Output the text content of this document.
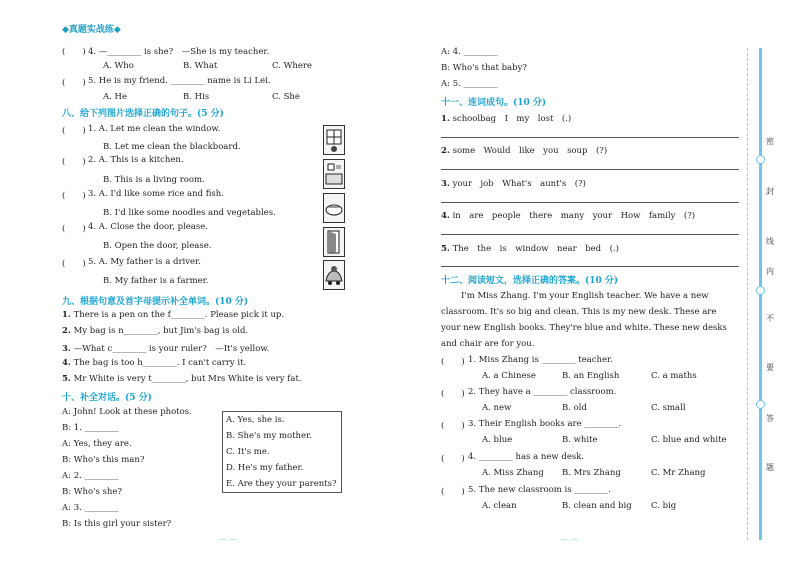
◆真题实战练◆
(　　) 4. —________ is she?　—She is my teacher.
A. Who	B. What	C. Where
(　　) 5. He is my friend. ________ name is Li Lei.
A. He	B. His	C. She
八、给下列图片选择正确的句子。(5 分)
(　　) 1. A. Let me clean the window.
B. Let me clean the blackboard.
(　　) 2. A. This is a kitchen.
B. This is a living room.
(　　) 3. A. I'd like some rice and fish.
B. I'd like some noodles and vegetables.
(　　) 4. A. Close the door, please.
B. Open the door, please.
(　　) 5. A. My father is a driver.
B. My father is a farmer.
九、根据句意及首字母提示补全单词。(10 分)
1. There is a pen on the f________. Please pick it up.
2. My bag is n________, but Jim's bag is old.
3. —What c________ is your ruler?　—It's yellow.
4. The bag is too h________. I can't carry it.
5. Mr White is very t________, but Mrs White is very fat.
十、补全对话。(5 分)
A: John! Look at these photos.
B: 1. ________
A: Yes, they are.
B: Who's this man?
A: 2. ________
B: Who's she?
A: 3. ________
B: Is this girl your sister?
A. Yes, she is.
B. She's my mother.
C. It's me.
D. He's my father.
E. Are they your parents?
⌒⌒
A: 4. ________
B: Who's that baby?
A: 5. ________
十一、连词成句。(10 分)
1. schoolbag　I　my　lost　(.)
2. some　Would　like　you　soup　(?)
3. your　job　What's　aunt's　(?)
4. in　are　people　there　many　your　How　family　(?)
5. The　the　is　window　near　bed　(.)
十二、阅读短文，选择正确的答案。(10 分)
I'm Miss Zhang. I'm your English teacher. We have a new
classroom. It's so big and clean. This is my new desk. These are
your new English books. They're blue and white. These new desks
and chair are for you.
(　　) 1. Miss Zhang is ________ teacher.
A. a Chinese	B. an English	C. a maths
(　　) 2. They have a ________ classroom.
A. new	B. old	C. small
(　　) 3. Their English books are ________.
A. blue	B. white	C. blue and white
(　　) 4. ________ has a new desk.
A. Miss Zhang B. Mrs Zhang	C. Mr Zhang
(　　) 5. The new classroom is ________.
A. clean	B. clean and big C. big
⌒⌒
密
封
线
内
不
要
答
题
